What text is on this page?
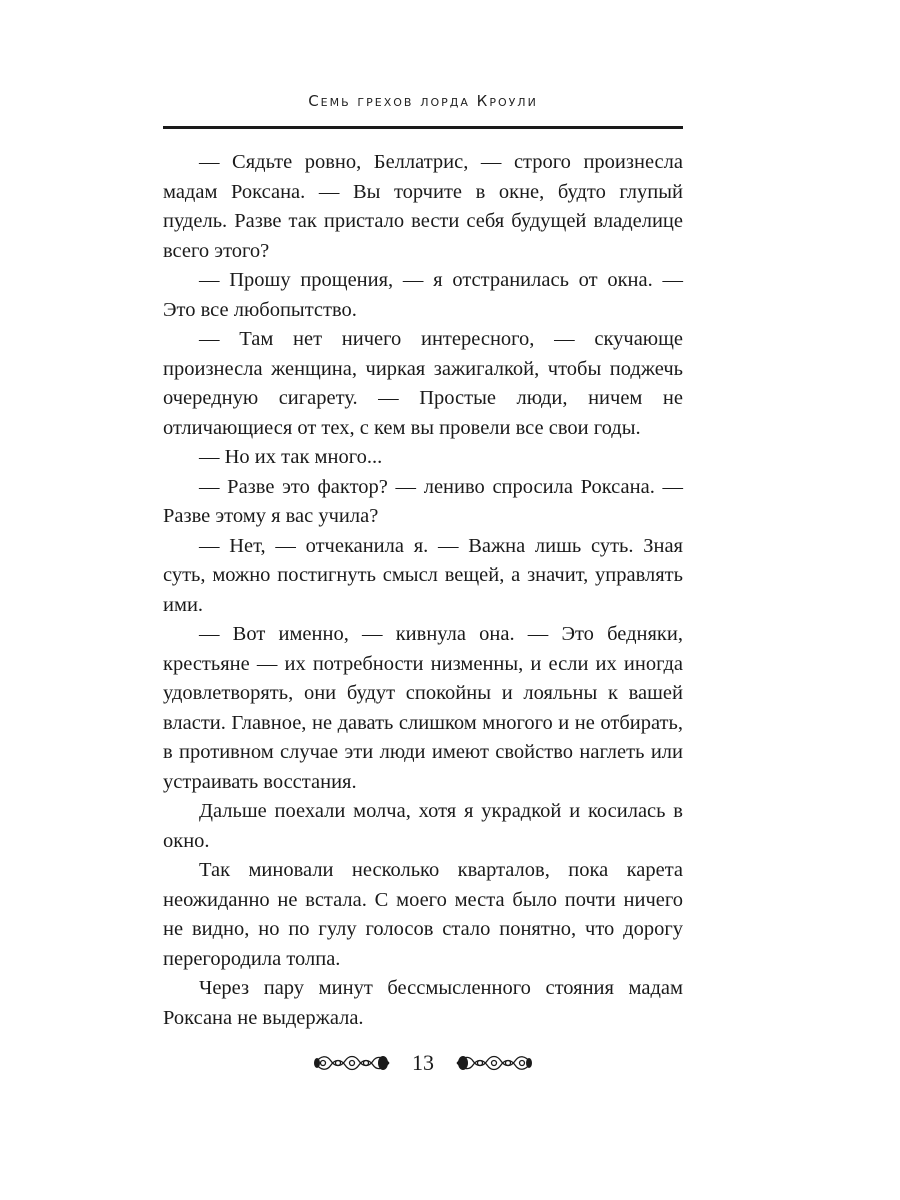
Семь грехов лорда Кроули

— Сядьте ровно, Беллатрис, — строго произнесла мадам Роксана. — Вы торчите в окне, будто глупый пудель. Разве так пристало вести себя будущей владелице всего этого?

— Прошу прощения, — я отстранилась от окна. — Это все любопытство.

— Там нет ничего интересного, — скучающе произнесла женщина, чиркая зажигалкой, чтобы поджечь очередную сигарету. — Простые люди, ничем не отличающиеся от тех, с кем вы провели все свои годы.

— Но их так много...

— Разве это фактор? — лениво спросила Роксана. — Разве этому я вас учила?

— Нет, — отчеканила я. — Важна лишь суть. Зная суть, можно постигнуть смысл вещей, а значит, управлять ими.

— Вот именно, — кивнула она. — Это бедняки, крестьяне — их потребности низменны, и если их иногда удовлетворять, они будут спокойны и лояльны к вашей власти. Главное, не давать слишком многого и не отбирать, в противном случае эти люди имеют свойство наглеть или устраивать восстания.

Дальше поехали молча, хотя я украдкой и косилась в окно.

Так миновали несколько кварталов, пока карета неожиданно не встала. С моего места было почти ничего не видно, но по гулу голосов стало понятно, что дорогу перегородила толпа.

Через пару минут бессмысленного стояния мадам Роксана не выдержала.

13
